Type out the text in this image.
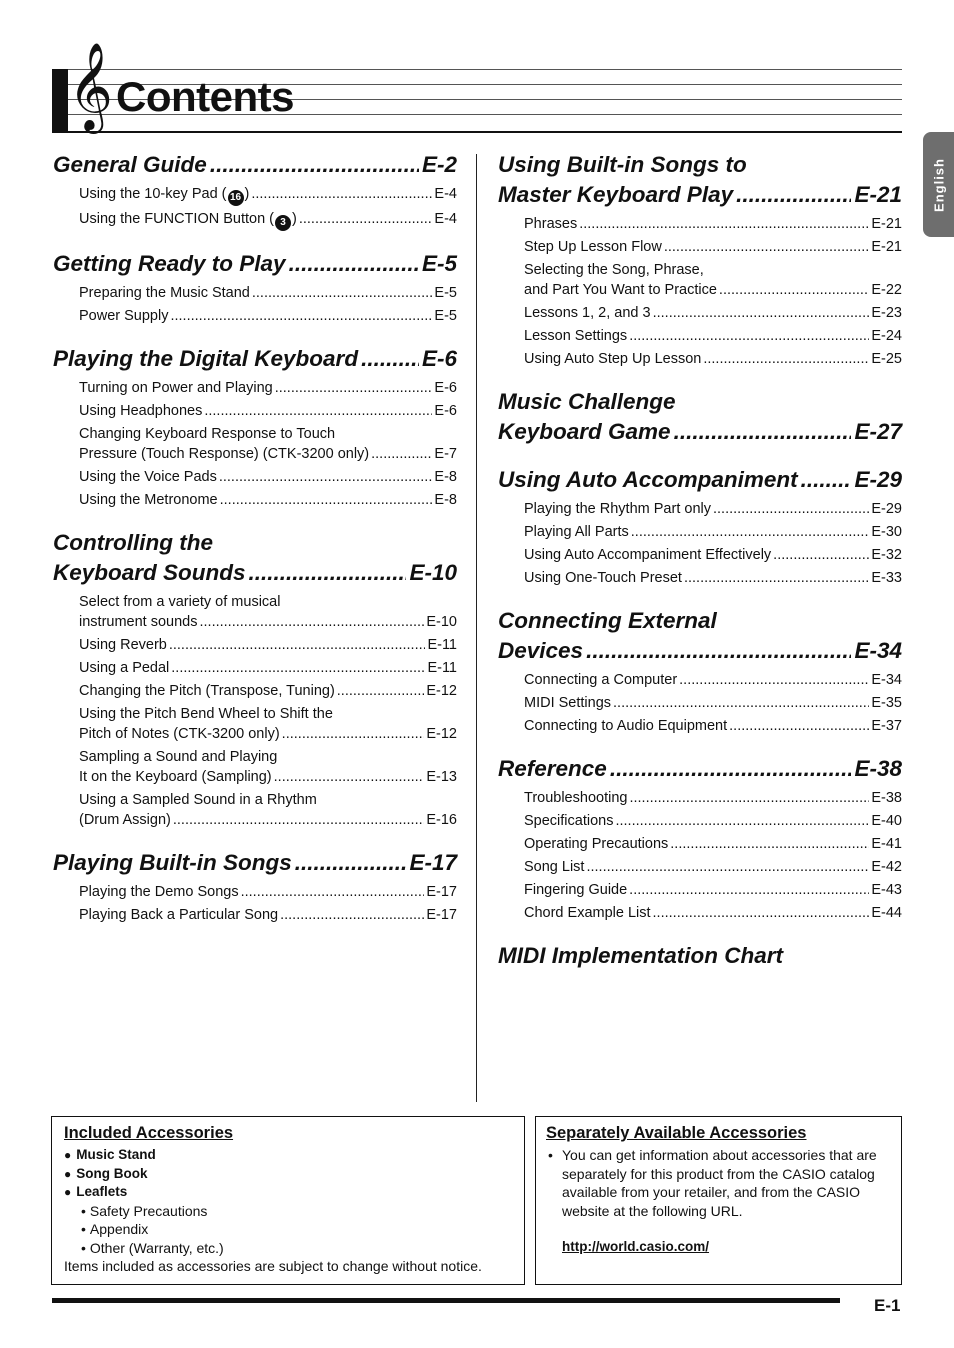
𝄞 Contents
English
General Guide .....	E-2
Using the 10-key Pad ( 16 ) .....	E-4
Using the FUNCTION Button ( 3 ) .....	E-4
Getting Ready to Play .....	E-5
Preparing the Music Stand .....	E-5
Power Supply .....	E-5
Playing the Digital Keyboard .....	E-6
Turning on Power and Playing .....	E-6
Using Headphones .....	E-6
Changing Keyboard Response to Touch
Pressure (Touch Response) (CTK-3200 only) .....	E-7
Using the Voice Pads .....	E-8
Using the Metronome .....	E-8
Controlling the
Keyboard Sounds .....	E-10
Select from a variety of musical
instrument sounds .....	E-10
Using Reverb .....	E-11
Using a Pedal .....	E-11
Changing the Pitch (Transpose, Tuning) .....	E-12
Using the Pitch Bend Wheel to Shift the
Pitch of Notes (CTK-3200 only) .....	E-12
Sampling a Sound and Playing
It on the Keyboard (Sampling) .....	E-13
Using a Sampled Sound in a Rhythm
(Drum Assign) .....	E-16
Playing Built-in Songs .....	E-17
Playing the Demo Songs .....	E-17
Playing Back a Particular Song .....	E-17
Using Built-in Songs to
Master Keyboard Play .....	E-21
Phrases .....	E-21
Step Up Lesson Flow .....	E-21
Selecting the Song, Phrase,
and Part You Want to Practice .....	E-22
Lessons 1, 2, and 3 .....	E-23
Lesson Settings .....	E-24
Using Auto Step Up Lesson .....	E-25
Music Challenge
Keyboard Game .....	E-27
Using Auto Accompaniment .....	E-29
Playing the Rhythm Part only .....	E-29
Playing All Parts .....	E-30
Using Auto Accompaniment Effectively .....	E-32
Using One-Touch Preset .....	E-33
Connecting External
Devices .....	E-34
Connecting a Computer .....	E-34
MIDI Settings .....	E-35
Connecting to Audio Equipment .....	E-37
Reference .....	E-38
Troubleshooting .....	E-38
Specifications .....	E-40
Operating Precautions .....	E-41
Song List .....	E-42
Fingering Guide .....	E-43
Chord Example List .....	E-44
MIDI Implementation Chart
Included Accessories
● Music Stand
● Song Book
● Leaflets
• Safety Precautions
• Appendix
• Other (Warranty, etc.)
Items included as accessories are subject to change without notice.
Separately Available Accessories
• You can get information about accessories that are separately for this product from the CASIO catalog available from your retailer, and from the CASIO website at the following URL.
http://world.casio.com/
E-1
